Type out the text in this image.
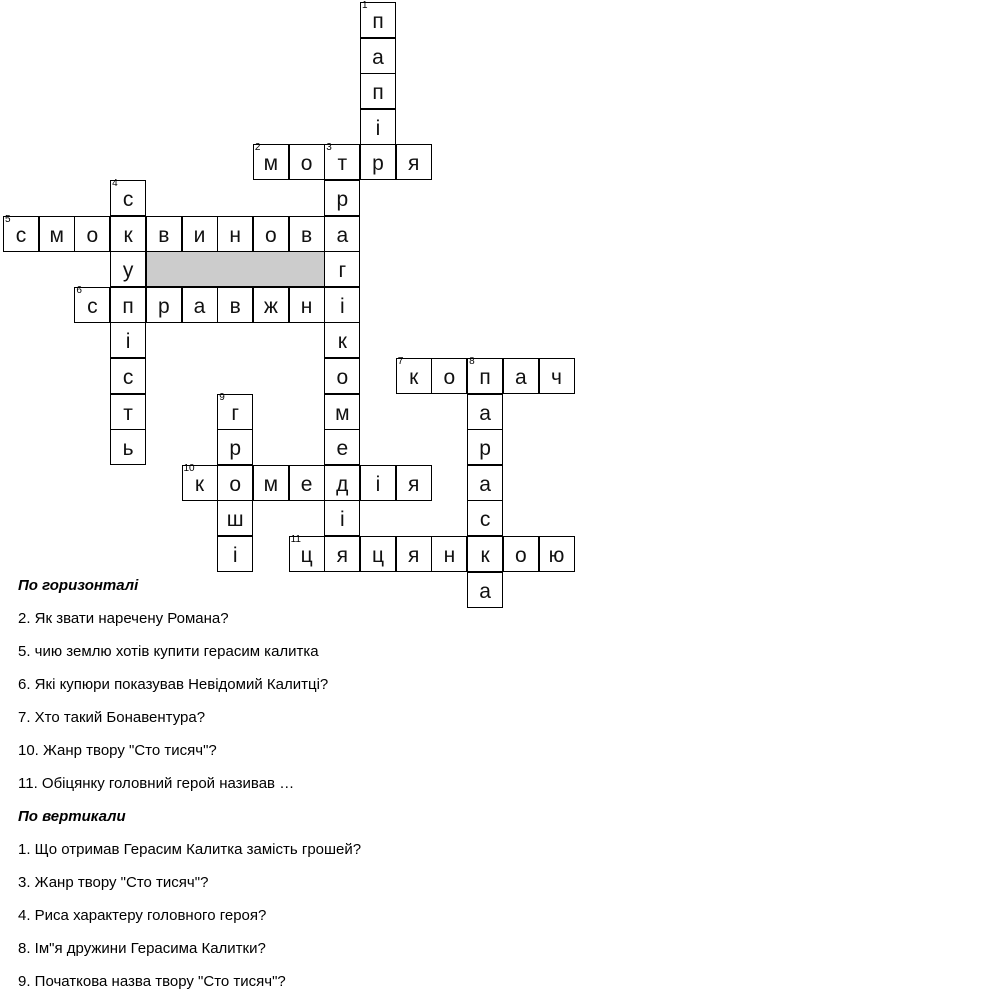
1
п
а
п
і
2
м	о
3
т	р	я
4
с	р
5
с	м	о	к	в	и	н	о	в	а
у	г
6
с	п	р	а	в	ж	н	і
і	к
с	о
7
к	о
8
п	а	ч
т
9
г	м	а
ь	р	е	р
10
к	о	м	е	д	і	я	а
ш	і	с
і
11
ц	я	ц	я	н	к	о	ю
а
По горизонталі
2. Як звати наречену Романа?
5. чию землю хотів купити герасим калитка
6. Які купюри показував Невідомий Калитці?
7. Хто такий Бонавентура?
10. Жанр твору "Сто тисяч"?
11. Обіцянку головний герой називав …
По вертикали
1. Що отримав Герасим Калитка замість грошей?
3. Жанр твору "Сто тисяч"?
4. Риса характеру головного героя?
8. Ім"я дружини Герасима Калитки?
9. Початкова назва твору "Сто тисяч"?
